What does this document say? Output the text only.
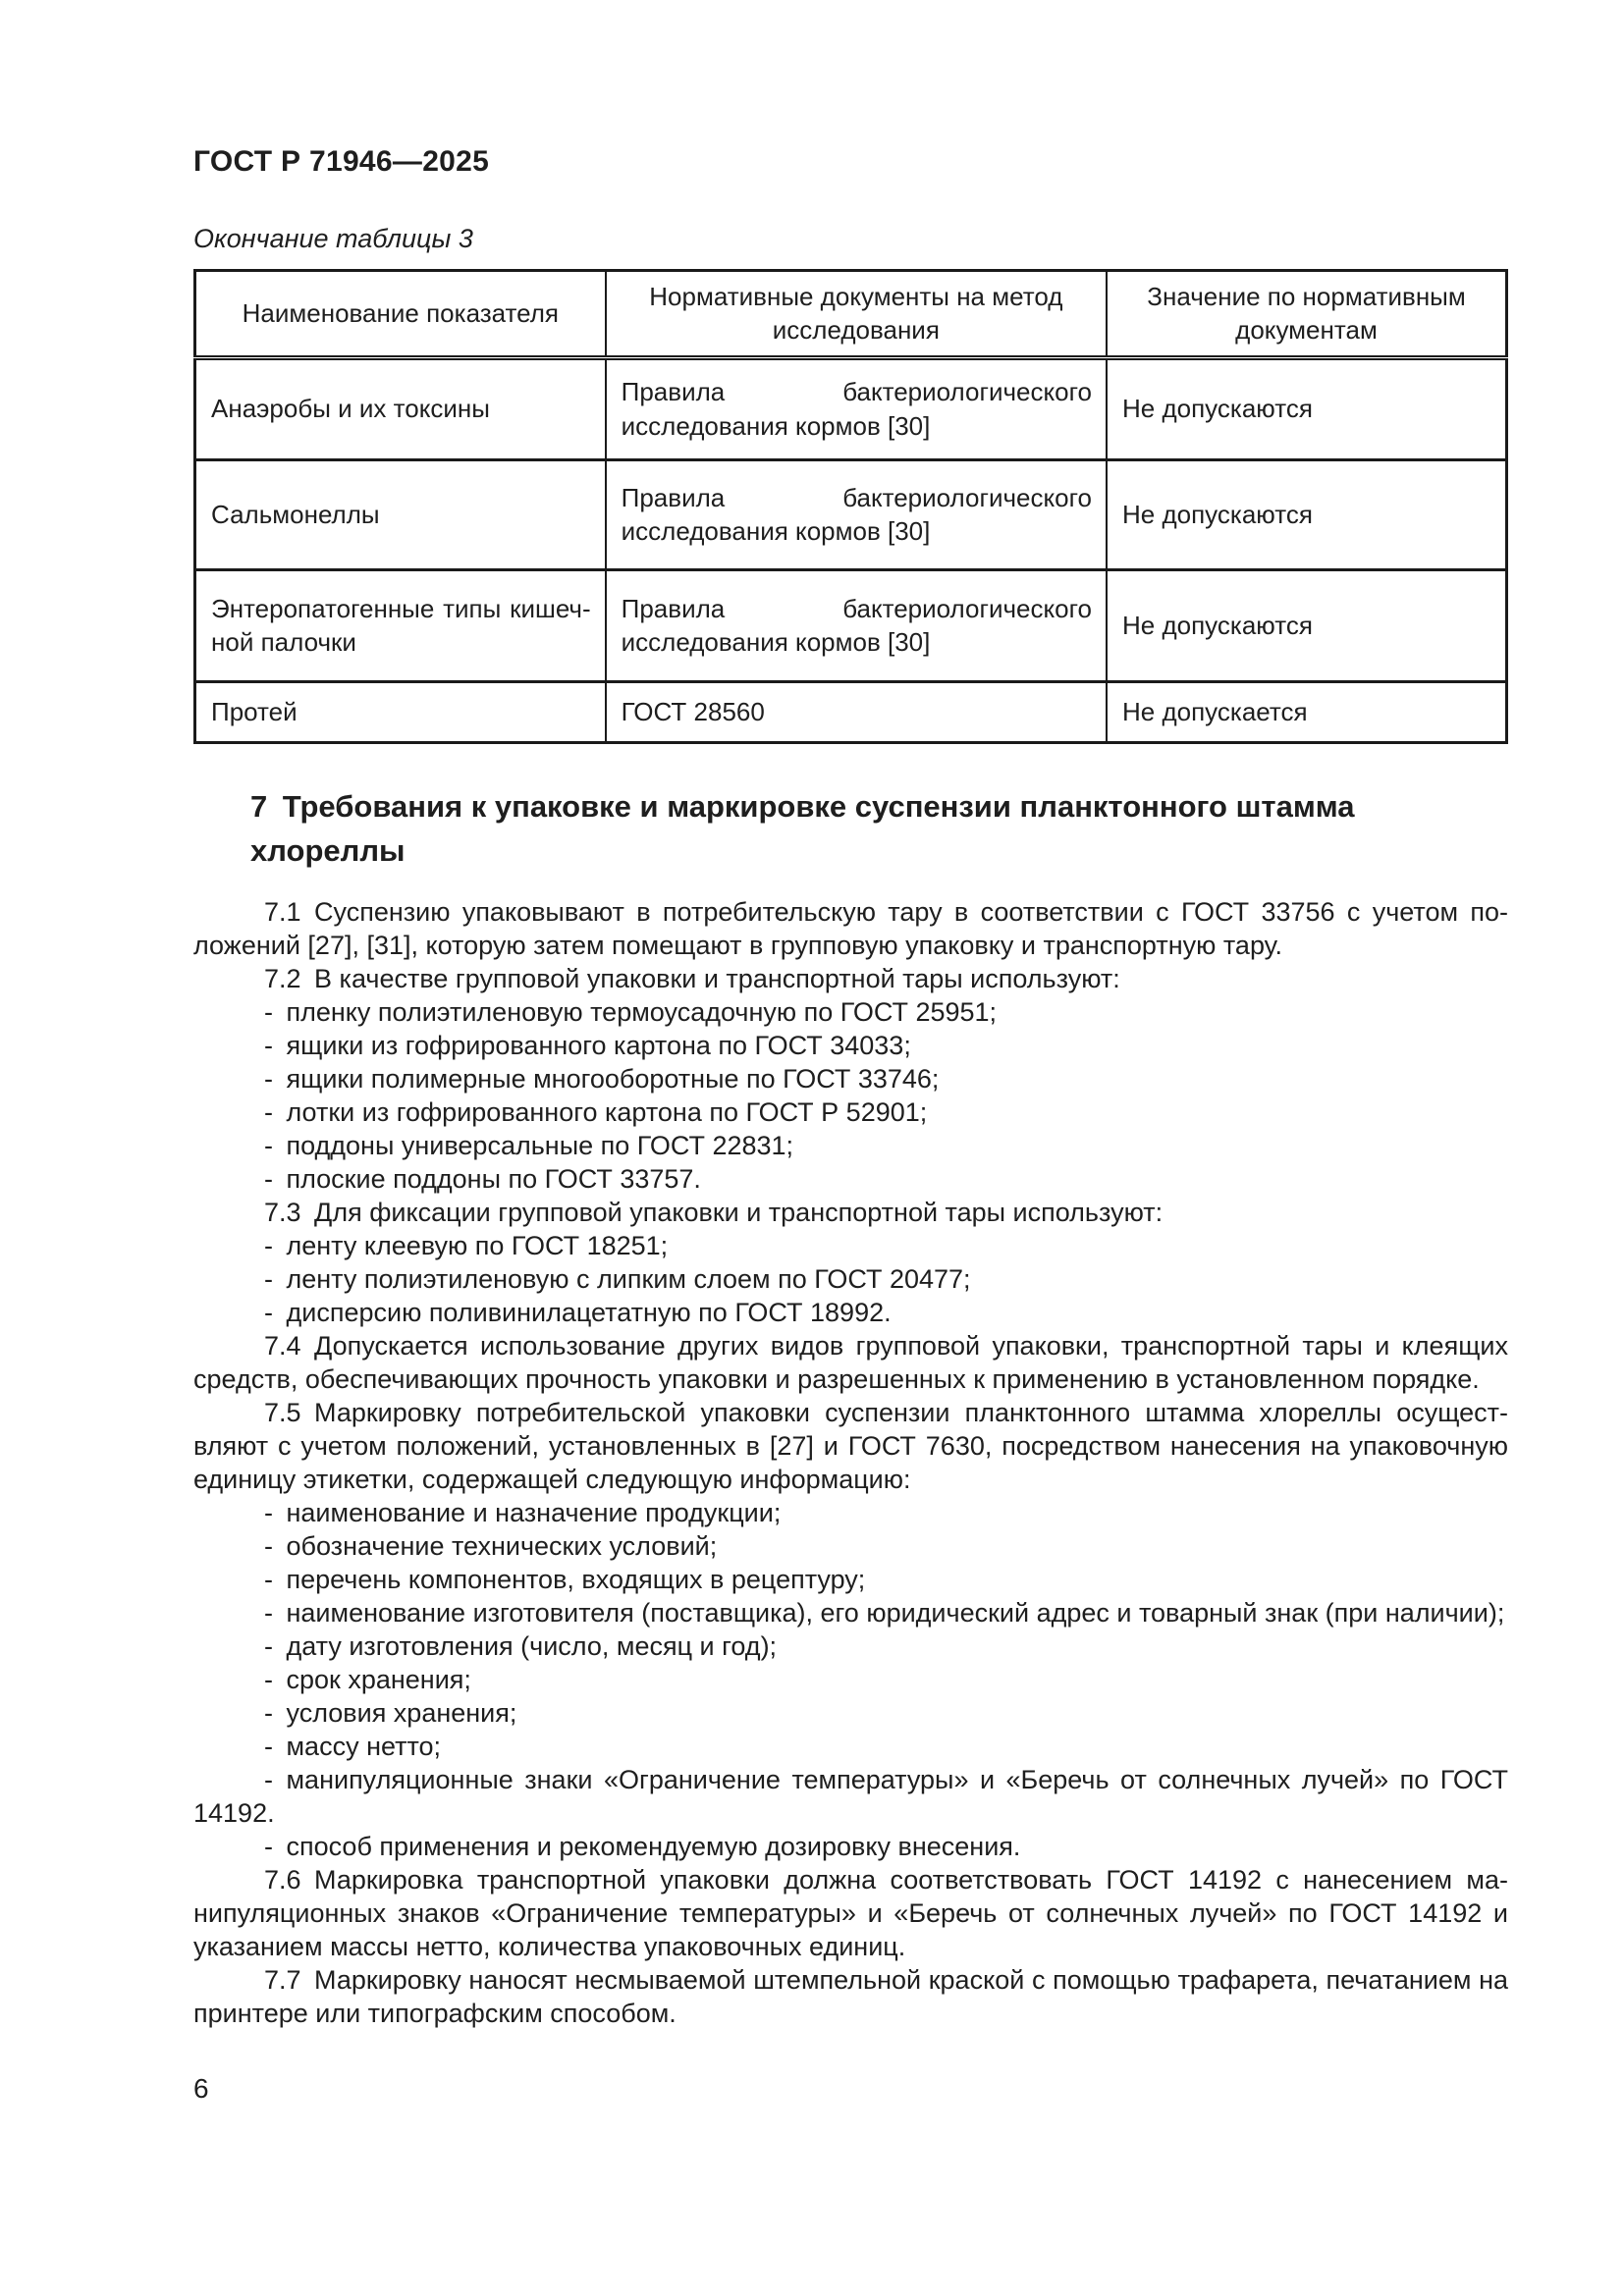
ГОСТ Р 71946—2025
Окончание таблицы 3
Наименование показателя	Нормативные документы на метод исследования	Значение по нормативным документам
Анаэробы и их токсины	Правила бактериологического исследования кормов [30]	Не допускаются
Сальмонеллы	Правила бактериологического исследования кормов [30]	Не допускаются
Энтеропатогенные типы кишечной палочки	Правила бактериологического исследования кормов [30]	Не допускаются
Протей	ГОСТ 28560	Не допускается
7 Требования к упаковке и маркировке суспензии планктонного штамма хлореллы

7.1 Суспензию упаковывают в потребительскую тару в соответствии с ГОСТ 33756 с учетом положений [27], [31], которую затем помещают в групповую упаковку и транспортную тару.

7.2 В качестве групповой упаковки и транспортной тары используют:

- пленку полиэтиленовую термоусадочную по ГОСТ 25951;

- ящики из гофрированного картона по ГОСТ 34033;

- ящики полимерные многооборотные по ГОСТ 33746;

- лотки из гофрированного картона по ГОСТ Р 52901;

- поддоны универсальные по ГОСТ 22831;

- плоские поддоны по ГОСТ 33757.

7.3 Для фиксации групповой упаковки и транспортной тары используют:

- ленту клеевую по ГОСТ 18251;

- ленту полиэтиленовую с липким слоем по ГОСТ 20477;

- дисперсию поливинилацетатную по ГОСТ 18992.

7.4 Допускается использование других видов групповой упаковки, транспортной тары и клеящих средств, обеспечивающих прочность упаковки и разрешенных к применению в установленном порядке.

7.5 Маркировку потребительской упаковки суспензии планктонного штамма хлореллы осуществляют с учетом положений, установленных в [27] и ГОСТ 7630, посредством нанесения на упаковочную единицу этикетки, содержащей следующую информацию:

- наименование и назначение продукции;

- обозначение технических условий;

- перечень компонентов, входящих в рецептуру;

- наименование изготовителя (поставщика), его юридический адрес и товарный знак (при наличии);

- дату изготовления (число, месяц и год);

- срок хранения;

- условия хранения;

- массу нетто;

- манипуляционные знаки «Ограничение температуры» и «Беречь от солнечных лучей» по ГОСТ 14192.

- способ применения и рекомендуемую дозировку внесения.

7.6 Маркировка транспортной упаковки должна соответствовать ГОСТ 14192 с нанесением манипуляционных знаков «Ограничение температуры» и «Беречь от солнечных лучей» по ГОСТ 14192 и указанием массы нетто, количества упаковочных единиц.

7.7 Маркировку наносят несмываемой штемпельной краской с помощью трафарета, печатанием на принтере или типографским способом.

6
